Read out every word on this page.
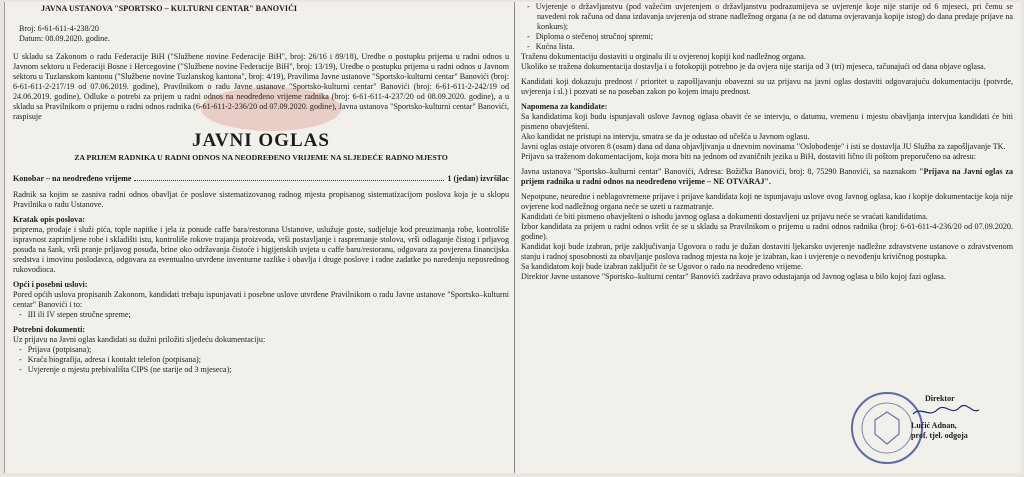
JAVNA USTANOVA "SPORTSKO – KULTURNI CENTAR" BANOVIĆI

Broj: 6-61-611-4-238/20

Datum: 08.09.2020. godine.

U skladu sa Zakonom o radu Federacije BiH ("Službene novine Federacije BiH", broj: 26/16 i 89/18), Uredbe o postupku prijema u radni odnos u Javnom sektoru u Federaciji Bosne i Hercegovine ("Službene novine Federacije BiH", broj: 13/19), Uredbe o postupku prijema u radni odnos u Javnom sektoru u Tuzlanskom kantonu ("Službene novine Tuzlanskog kantona", broj: 4/19), Pravilima Javne ustanove "Sportsko-kulturni centar" Banovići (broj: 6-61-611-2-217/19 od 07.06.2019. godine), Pravilnikom o radu Javne ustanove "Sportsko-kulturni centar" Banovići (broj: 6-61-611-2-242/19 od 24.06.2019. godine), Odluke o potrebi za prijem u radni odnos na neodređeno vrijeme radnika (broj: 6-61-611-4-237/20 od 08.09.2020. godine), a u skladu sa Pravilnikom o prijemu u radni odnos radnika (6-61-611-2-236/20 od 07.09.2020. godine), Javna ustanova "Sportsko-kulturni centar" Banovići, raspisuje

JAVNI OGLAS

ZA PRIJEM RADNIKA U RADNI ODNOS NA NEODREĐENO VRIJEME NA SLJEDEĆE RADNO MJESTO

Konobar – na neodređeno vrijeme	1 (jedan) izvršilac

Radnik sa kojim se zasniva radni odnos obavljat će poslove sistematizovanog radnog mjesta propisanog sistematizacijom poslova koja je u sklopu Pravilnika o radu Ustanove.

Kratak opis poslova:

priprema, prodaje i služi pića, tople napitke i jela iz ponude caffe bara/restorana Ustanove, uslužuje goste, sudjeluje kod preuzimanja robe, kontroliše ispravnost zaprimljene robe i skladišti istu, kontroliše rokove trajanja proizvoda, vrši postavljanje i raspremanje stolova, vrši odlaganje čistog i prljavog posuđa na šank, vrši pranje prljavog posuđa, brine oko održavanja čistoće i higijenskih uvjeta u caffe baru/restoranu, odgovara za povjerena financijska sredstva i imovinu poslodavca, odgovara za eventualno utvrđene inventurne razlike i obavlja i druge poslove i radne zadatke po naređenju neposrednog rukovodioca.

Opći i posebni uslovi:

Pored općih uslova propisanih Zakonom, kandidati trebaju ispunjavati i posebne uslove utvrđene Pravilnikom o radu Javne ustanove "Sportsko–kulturni centar" Banovići i to:

- III ili IV stepen stručne spreme;

Potrebni dokumenti:

Uz prijavu na Javni oglas kandidati su dužni priložiti sljedeću dokumentaciju:

- Prijava (potpisana);
- Kraća biografija, adresa i kontakt telefon (potpisana);
- Uvjerenje o mjestu prebivališta CIPS (ne starije od 3 mjeseca);
- Uvjerenje o državljanstvu (pod važećim uvjerenjem o državljanstvu podrazumijeva se uvjerenje koje nije starije od 6 mjeseci, pri čemu se navedeni rok računa od dana izdavanja uvjerenja od strane nadležnog organa (a ne od datuma ovjeravanja kopije istog) do dana predaje prijave na konkurs);
- Diploma o stečenoj stručnoj spremi;
- Kućna lista.

Traženu dokumentaciju dostaviti u orginalu ili u ovjerenoj kopiji kod nadležnog organa.

Ukoliko se tražena dokumentacija dostavlja i u fotokopiji potrebno je da ovjera nije starija od 3 (tri) mjeseca, računajući od dana objave oglasa.

Kandidati koji dokazuju prednost / prioritet u zapošljavanju obavezni su uz prijavu na javni oglas dostaviti odgovarajuću dokumentaciju (potvrde, uvjerenja i sl.) i pozvati se na poseban zakon po kojem imaju prednost.

Napomena za kandidate:

Sa kandidatima koji budu ispunjavali uslove Javnog oglasa obavit će se intervju, o datumu, vremenu i mjestu obavljanja intervjua kandidati će biti pismeno obavještení.

Ako kandidat ne pristupi na intervju, smatra se da je odustao od učešća u Javnom oglasu.

Javni oglas ostaje otvoren 8 (osam) dana od dana objavljivanja u dnevnim novinama "Oslobođenje" i isti se dostavlja JU Služba za zapošljavanje TK.

Prijavu sa traženom dokumentacijom, koja mora biti na jednom od zvaničnih jezika u BiH, dostaviti lično ili poštom preporučeno na adresu:

Javna ustanova "Sportsko–kulturni centar" Banovići, Adresa: Božička Banovići, broj: 8, 75290 Banovići, sa naznakom "Prijava na Javni oglas za prijem radnika u radni odnos na neodređeno vrijeme – NE OTVARAJ".

Nepotpune, neuredne i neblagovremene prijave i prijave kandidata koji ne ispunjavaju uslove ovog Javnog oglasa, kao i kopije dokumentacije koja nije ovjerene kod nadležnog organa neće se uzeti u razmatranje.

Kandidati će biti pismeno obavješteni o ishodu javnog oglasa a dokumenti dostavljeni uz prijavu neće se vraćati kandidatima.

Izbor kandidata za prijem u radni odnos vršit će se u skladu sa Pravilnikom o prijemu u radni odnos radnika (broj: 6-61-611-4-236/20 od 07.09.2020. godine).

Kandidat koji bude izabran, prije zaključivanja Ugovora o radu je dužan dostaviti ljekarsko uvjerenje nadležne zdravstvene ustanove o zdravstvenom stanju i radnoj sposobnosti za obavljanje poslova radnog mjesta na koje je izabran, kao i uvjerenje o nevođenju krivičnog postupka.

Sa kandidatom koji bude izabran zaključit će se Ugovor o radu na neodređeno vrijeme.

Direktor Javne ustanove "Sportsko–kulturni centar" Banovići zadržava pravo odustajanja od Javnog oglasa u bilo kojoj fazi oglasa.

Direktor

Lučić Adnan,

prof. tjel. odgoja
